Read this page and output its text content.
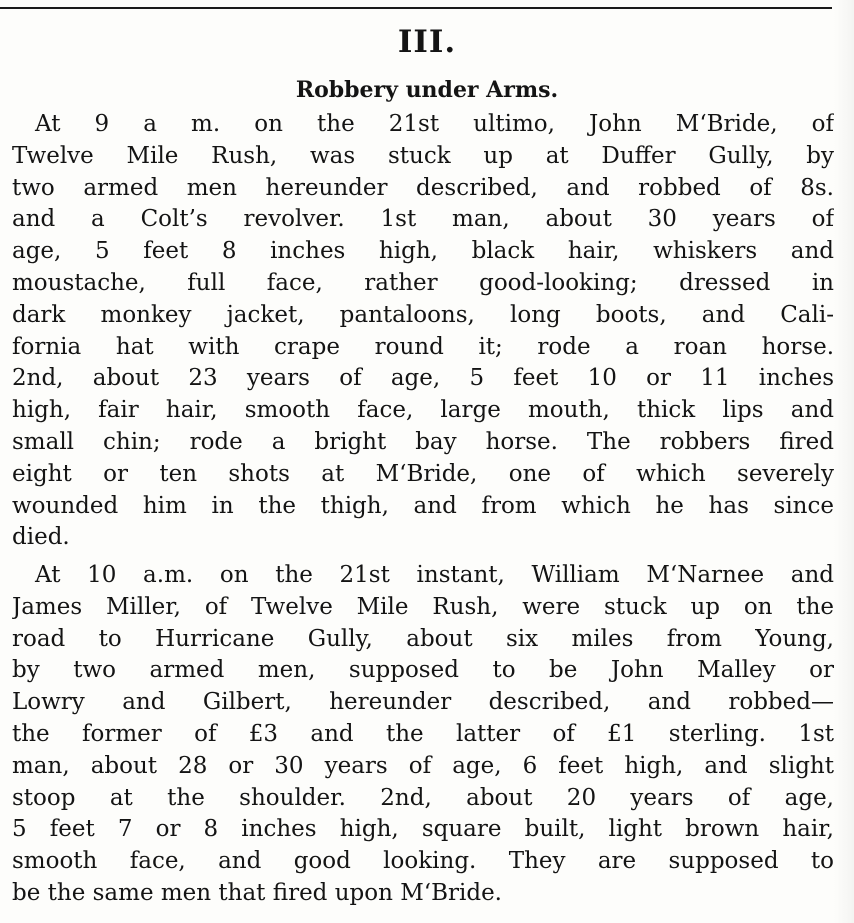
III.
Robbery under Arms.
At 9 a m. on the 21st ultimo, John M‘Bride, of
Twelve Mile Rush, was stuck up at Duffer Gully, by
two armed men hereunder described, and robbed of 8s.
and a Colt’s revolver. 1st man, about 30 years of
age, 5 feet 8 inches high, black hair, whiskers and
moustache, full face, rather good-looking; dressed in
dark monkey jacket, pantaloons, long boots, and Cali-
fornia hat with crape round it; rode a roan horse.
2nd, about 23 years of age, 5 feet 10 or 11 inches
high, fair hair, smooth face, large mouth, thick lips and
small chin; rode a bright bay horse. The robbers fired
eight or ten shots at M‘Bride, one of which severely
wounded him in the thigh, and from which he has since
died.
At 10 a.m. on the 21st instant, William M‘Narnee and
James Miller, of Twelve Mile Rush, were stuck up on the
road to Hurricane Gully, about six miles from Young,
by two armed men, supposed to be John Malley or
Lowry and Gilbert, hereunder described, and robbed—
the former of £3 and the latter of £1 sterling. 1st
man, about 28 or 30 years of age, 6 feet high, and slight
stoop at the shoulder. 2nd, about 20 years of age,
5 feet 7 or 8 inches high, square built, light brown hair,
smooth face, and good looking. They are supposed to
be the same men that fired upon M‘Bride.
